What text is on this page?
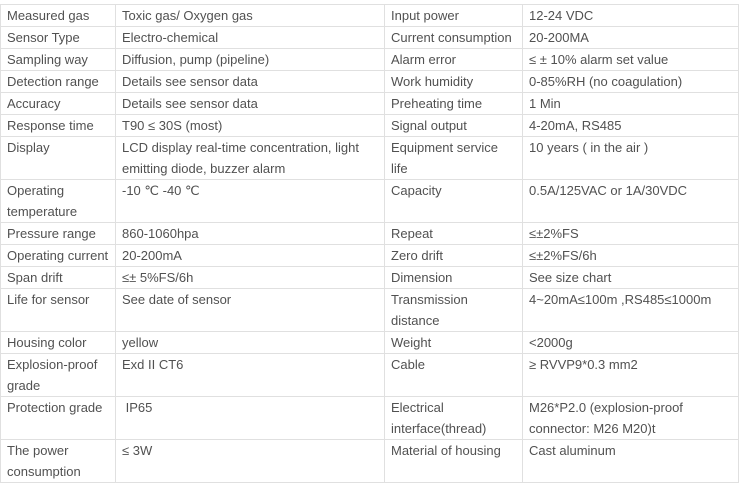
Measured gas	Toxic gas/ Oxygen gas	Input power	12-24 VDC
Sensor Type	Electro-chemical	Current consumption	20-200MA
Sampling way	Diffusion, pump (pipeline)	Alarm error	≤ ± 10% alarm set value
Detection range	Details see sensor data	Work humidity	0-85%RH (no coagulation)
Accuracy	Details see sensor data	Preheating time	1 Min
Response time	T90 ≤ 30S (most)	Signal output	4-20mA, RS485
Display	LCD display real-time concentration, light emitting diode, buzzer alarm	Equipment service life	10 years ( in the air )
Operating temperature	-10 ℃ -40 ℃	Capacity	0.5A/125VAC or 1A/30VDC
Pressure range	860-1060hpa	Repeat	≤±2%FS
Operating current	20-200mA	Zero drift	≤±2%FS/6h
Span drift	≤± 5%FS/6h	Dimension	See size chart
Life for sensor	See date of sensor	Transmission distance	4~20mA≤100m ,RS485≤1000m
Housing color	yellow	Weight	<2000g
Explosion-proof grade	Exd II CT6	Cable	≥ RVVP9*0.3 mm2
Protection grade	IP65	Electrical interface(thread)	M26*P2.0 (explosion-proof connector: M26 M20)t
The power consumption	≤ 3W	Material of housing	Cast aluminum
